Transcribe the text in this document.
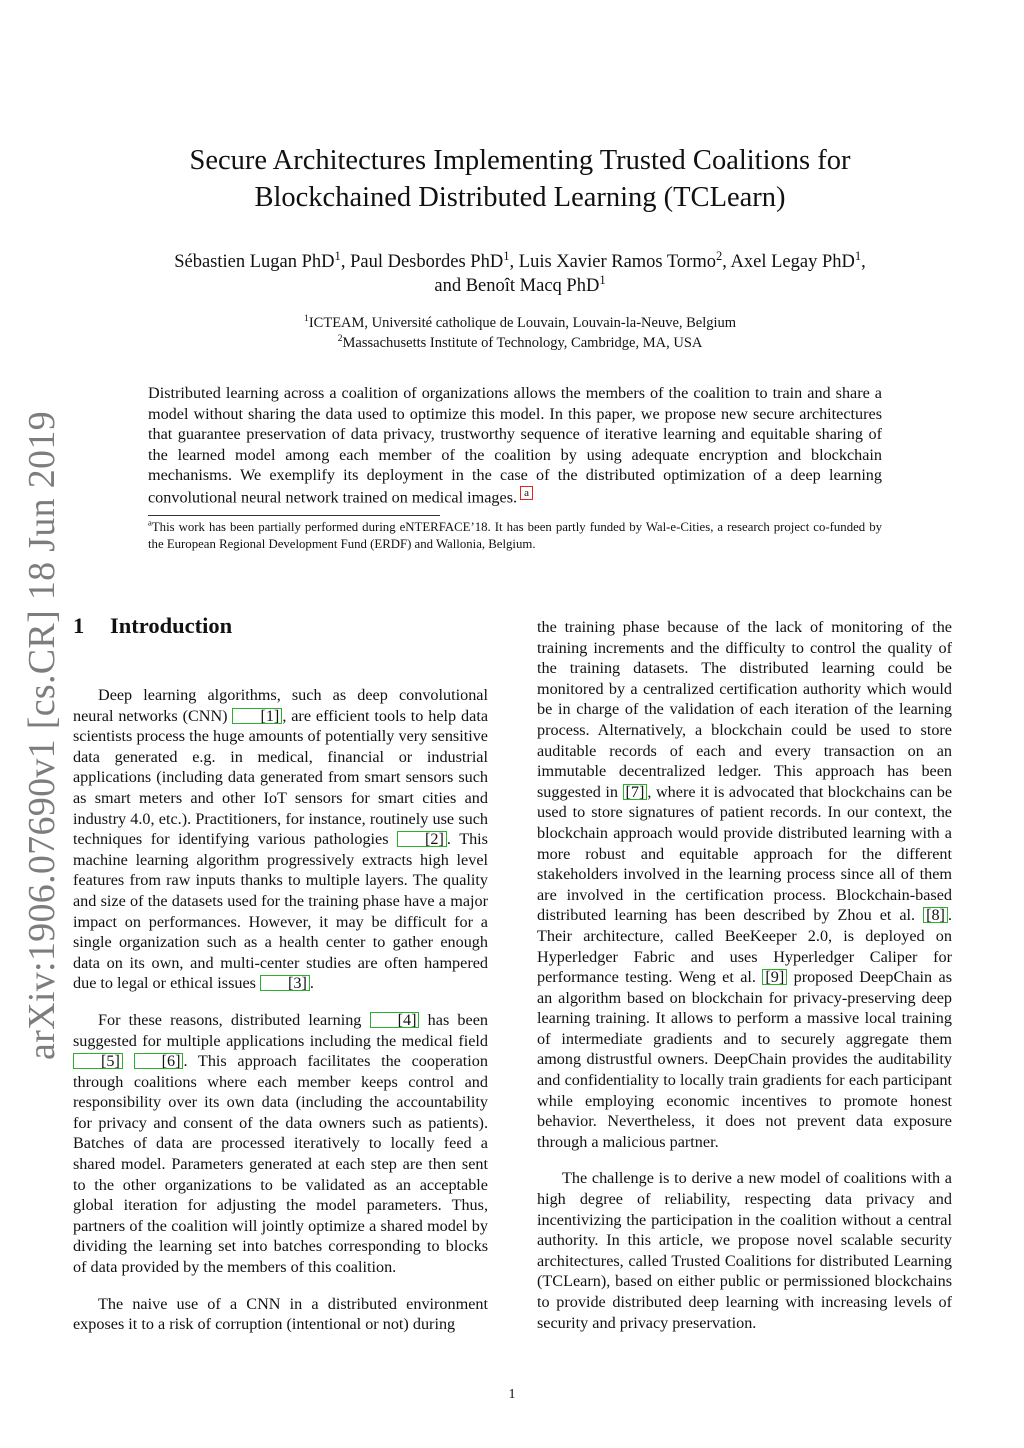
arXiv:1906.07690v1 [cs.CR] 18 Jun 2019
Secure Architectures Implementing Trusted Coalitions for
Blockchained Distributed Learning (TCLearn)
Sébastien Lugan PhD$^1$, Paul Desbordes PhD$^1$, Luis Xavier Ramos Tormo$^2$, Axel Legay PhD$^1$,
and Benoît Macq PhD$^1$
$^1$ICTEAM, Université catholique de Louvain, Louvain-la-Neuve, Belgium
$^2$Massachusetts Institute of Technology, Cambridge, MA, USA

Distributed learning across a coalition of organizations allows the members of the coalition to train and share a model without sharing the data used to optimize this model. In this paper, we propose new secure architectures that guarantee preservation of data privacy, trustworthy sequence of iterative learning and equitable sharing of the learned model among each member of the coalition by using adequate encryption and blockchain mechanisms. We exemplify its deployment in the case of the distributed optimization of a deep learning convolutional neural network trained on medical images. a

$^a$This work has been partially performed during eNTERFACE’18. It has been partly funded by Wal-e-Cities, a research project co-funded by the European Regional Development Fund (ERDF) and Wallonia, Belgium.

1 Introduction

Deep learning algorithms, such as deep convolutional neural networks (CNN) [1] , are efficient tools to help data scientists process the huge amounts of potentially very sensitive data generated e.g. in medical, financial or industrial applications (including data generated from smart sensors such as smart meters and other IoT sensors for smart cities and industry 4.0, etc.). Practitioners, for instance, routinely use such techniques for identifying various pathologies [2] . This machine learning algorithm progressively extracts high level features from raw inputs thanks to multiple layers. The quality and size of the datasets used for the training phase have a major impact on performances. However, it may be difficult for a single organization such as a health center to gather enough data on its own, and multi-center studies are often hampered due to legal or ethical issues [3] .

For these reasons, distributed learning [4] has been suggested for multiple applications including the medical field [5]	[6] . This approach facilitates the cooperation through coalitions where each member keeps control and responsibility over its own data (including the accountability for privacy and consent of the data owners such as patients). Batches of data are processed iteratively to locally feed a shared model. Parameters generated at each step are then sent to the other organizations to be validated as an acceptable global iteration for adjusting the model parameters. Thus, partners of the coalition will jointly optimize a shared model by dividing the learning set into batches corresponding to blocks of data provided by the members of this coalition.

The naive use of a CNN in a distributed environment exposes it to a risk of corruption (intentional or not) during

the training phase because of the lack of monitoring of the training increments and the difficulty to control the quality of the training datasets. The distributed learning could be monitored by a centralized certification authority which would be in charge of the validation of each iteration of the learning process. Alternatively, a blockchain could be used to store auditable records of each and every transaction on an immutable decentralized ledger. This approach has been suggested in [7] , where it is advocated that blockchains can be used to store signatures of patient records. In our context, the blockchain approach would provide distributed learning with a more robust and equitable approach for the different stakeholders involved in the learning process since all of them are involved in the certification process. Blockchain-based distributed learning has been described by Zhou et al. [8] . Their architecture, called BeeKeeper 2.0, is deployed on Hyperledger Fabric and uses Hyperledger Caliper for performance testing. Weng et al. [9] proposed DeepChain as an algorithm based on blockchain for privacy-preserving deep learning training. It allows to perform a massive local training of intermediate gradients and to securely aggregate them among distrustful owners. DeepChain provides the auditability and confidentiality to locally train gradients for each participant while employing economic incentives to promote honest behavior. Nevertheless, it does not prevent data exposure through a malicious partner.

The challenge is to derive a new model of coalitions with a high degree of reliability, respecting data privacy and incentivizing the participation in the coalition without a central authority. In this article, we propose novel scalable security architectures, called Trusted Coalitions for distributed Learning (TCLearn), based on either public or permissioned blockchains to provide distributed deep learning with increasing levels of security and privacy preservation.

1
